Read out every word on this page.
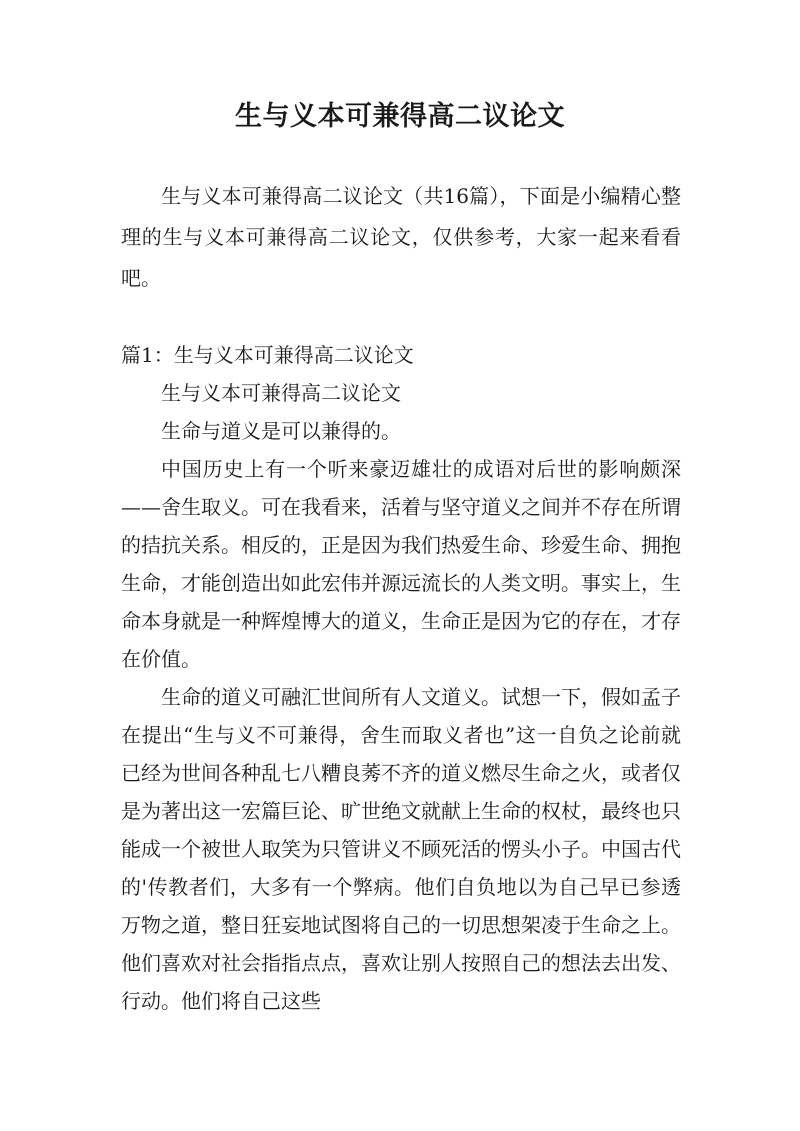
生与义本可兼得高二议论文

生与义本可兼得高二议论文（共16篇），下面是小编精心整理的生与义本可兼得高二议论文，仅供参考，大家一起来看看吧。

篇1：生与义本可兼得高二议论文

生与义本可兼得高二议论文

生命与道义是可以兼得的。

中国历史上有一个听来豪迈雄壮的成语对后世的影响颇深——舍生取义。可在我看来，活着与坚守道义之间并不存在所谓的拮抗关系。相反的，正是因为我们热爱生命、珍爱生命、拥抱生命，才能创造出如此宏伟并源远流长的人类文明。事实上，生命本身就是一种辉煌博大的道义，生命正是因为它的存在，才存在价值。

生命的道义可融汇世间所有人文道义。试想一下，假如孟子在提出“生与义不可兼得，舍生而取义者也”这一自负之论前就已经为世间各种乱七八糟良莠不齐的道义燃尽生命之火，或者仅是为著出这一宏篇巨论、旷世绝文就献上生命的权杖，最终也只能成一个被世人取笑为只管讲义不顾死活的愣头小子。中国古代的'传教者们，大多有一个弊病。他们自负地以为自己早已参透万物之道，整日狂妄地试图将自己的一切思想架凌于生命之上。他们喜欢对社会指指点点，喜欢让别人按照自己的想法去出发、行动。他们将自己这些
